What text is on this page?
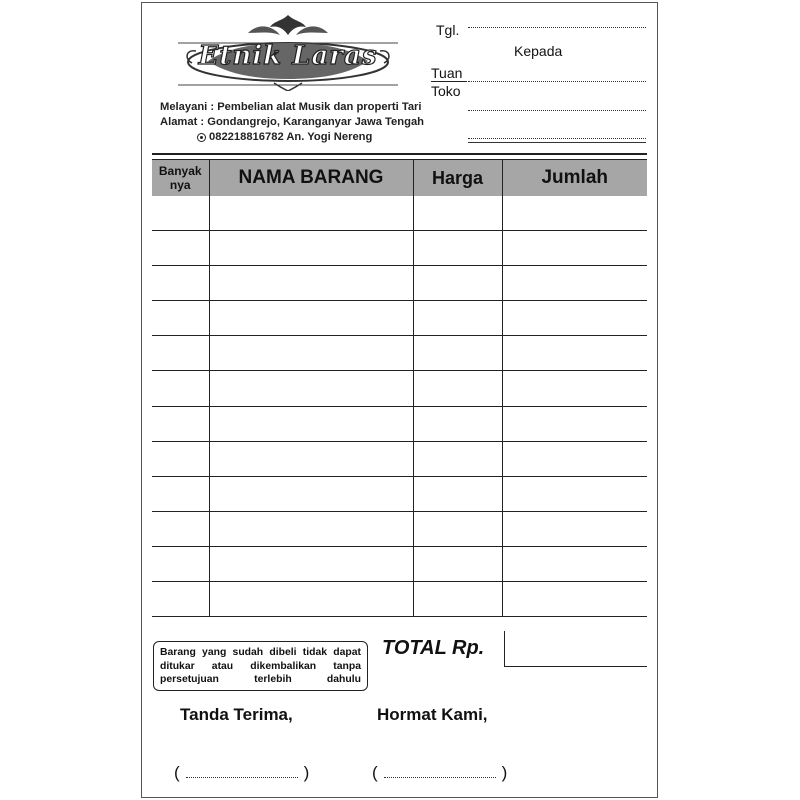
Etnik Laras
Melayani : Pembelian alat Musik dan properti Tari
Alamat : Gondangrejo, Karanganyar Jawa Tengah
082218816782 An. Yogi Nereng
Tgl.
Kepada
Tuan
Toko
Banyak
nya	NAMA BARANG	Harga	Jumlah

Barang yang sudah dibeli tidak dapat ditukar atau dikembalikan tanpa persetujuan terlebih dahulu
TOTAL Rp.
Tanda Terima,	Hormat Kami,
(	)	(	)
